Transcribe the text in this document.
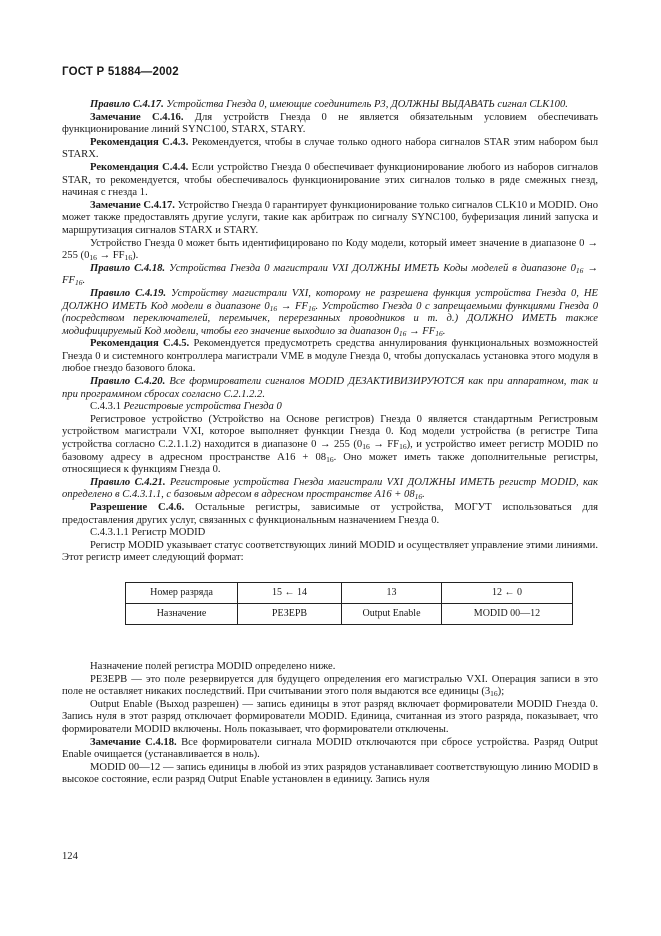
ГОСТ Р 51884—2002

Правило С.4.17. Устройства Гнезда 0, имеющие соединитель Р3, ДОЛЖНЫ ВЫДАВАТЬ сигнал CLK100.

Замечание С.4.16. Для устройств Гнезда 0 не является обязательным условием обеспечивать функционирование линий SYNC100, STARX, STARY.

Рекомендация С.4.3. Рекомендуется, чтобы в случае только одного набора сигналов STAR этим набором был STARX.

Рекомендация С.4.4. Если устройство Гнезда 0 обеспечивает функционирование любого из наборов сигналов STAR, то рекомендуется, чтобы обеспечивалось функционирование этих сигналов только в ряде смежных гнезд, начиная с гнезда 1.

Замечание С.4.17. Устройство Гнезда 0 гарантирует функционирование только сигналов CLK10 и MODID. Оно может также предоставлять другие услуги, такие как арбитраж по сигналу SYNC100, буферизация линий запуска и маршрутизация сигналов STARX и STARY.

Устройство Гнезда 0 может быть идентифицировано по Коду модели, который имеет значение в диапазоне 0 → 255 $(0_{16} \to FF_{16})$.

Правило С.4.18. Устройства Гнезда 0 магистрали VXI ДОЛЖНЫ ИМЕТЬ Коды моделей в диапазоне $0_{16} \to FF_{16}$.

Правило С.4.19. Устройству магистрали VXI, которому не разрешена функция устройства Гнезда 0, НЕ ДОЛЖНО ИМЕТЬ Код модели в диапазоне $0_{16} \to FF_{16}$. Устройство Гнезда 0 с запрещаемыми функциями Гнезда 0 (посредством переключателей, перемычек, перерезанных проводников и т. д.) ДОЛЖНО ИМЕТЬ также модифицируемый Код модели, чтобы его значение выходило за диапазон $0_{16} \to FF_{16}$.

Рекомендация С.4.5. Рекомендуется предусмотреть средства аннулирования функциональных возможностей Гнезда 0 и системного контроллера магистрали VME в модуле Гнезда 0, чтобы допускалась установка этого модуля в любое гнездо базового блока.

Правило С.4.20. Все формирователи сигналов MODID ДЕЗАКТИВИЗИРУЮТСЯ как при аппаратном, так и при программном сбросах согласно С.2.1.2.2.

С.4.3.1 Регистровые устройства Гнезда 0

Регистровое устройство (Устройство на Основе регистров) Гнезда 0 является стандартным Регистровым устройством магистрали VXI, которое выполняет функции Гнезда 0. Код модели устройства (в регистре Типа устройства согласно С.2.1.1.2) находится в диапазоне 0 → 255 $(0_{16} \to FF_{16})$, и устройство имеет регистр MODID по базовому адресу в адресном пространстве $А16 + 08_{16}$. Оно может иметь также дополнительные регистры, относящиеся к функциям Гнезда 0.

Правило С.4.21. Регистровые устройства Гнезда магистрали VXI ДОЛЖНЫ ИМЕТЬ регистр MODID, как определено в С.4.3.1.1, с базовым адресом в адресном пространстве $А16 + 08_{16}$.

Разрешение С.4.6. Остальные регистры, зависимые от устройства, МОГУТ использоваться для предоставления других услуг, связанных с функциональным назначением Гнезда 0.

С.4.3.1.1 Регистр MODID

Регистр MODID указывает статус соответствующих линий MODID и осуществляет управление этими линиями. Этот регистр имеет следующий формат:

Номер разряда	15 ← 14	13	12 ← 0
Назначение	РЕЗЕРВ	Output Enable	MODID 00—12

Назначение полей регистра MODID определено ниже.

РЕЗЕРВ — это поле резервируется для будущего определения его магистралью VXI. Операция записи в это поле не оставляет никаких последствий. При считывании этого поля выдаются все единицы $(3_{16})$;

Output Enable (Выход разрешен) — запись единицы в этот разряд включает формирователи MODID Гнезда 0. Запись нуля в этот разряд отключает формирователи MODID. Единица, считанная из этого разряда, показывает, что формирователи MODID включены. Ноль показывает, что формирователи отключены.

Замечание С.4.18. Все формирователи сигнала MODID отключаются при сбросе устройства. Разряд Output Enable очищается (устанавливается в ноль).

MODID 00—12 — запись единицы в любой из этих разрядов устанавливает соответствующую линию MODID в высокое состояние, если разряд Output Enable установлен в единицу. Запись нуля

124
